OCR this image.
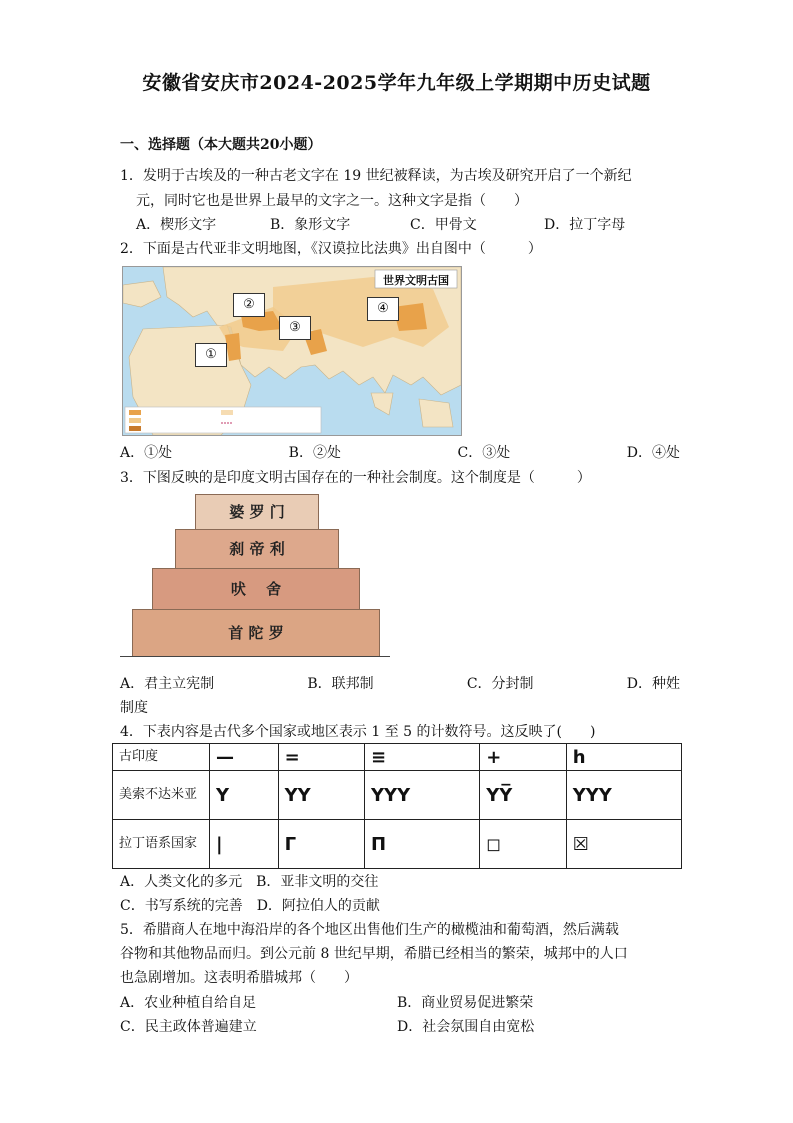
安徽省安庆市2024-2025学年九年级上学期期中历史试题
一、选择题（本大题共20小题）
1．发明于古埃及的一种古老文字在 19 世纪被释读，为古埃及研究开启了一个新纪
元，同时它也是世界上最早的文字之一。这种文字是指（　　）
A．楔形文字	B．象形文字	C．甲骨文	D．拉丁字母
2．下面是古代亚非文明地图，《汉谟拉比法典》出自图中（　　　）
世界文明古国
②
③
④
①
A．①处	B．②处	C．③处	D．④处
3．下图反映的是印度文明古国存在的一种社会制度。这个制度是（　　　）
婆 罗 门
刹 帝 利
吠　 舍
首 陀 罗
A．君主立宪制	B．联邦制	C．分封制	D．种姓
制度
4．下表内容是古代多个国家或地区表示 1 至 5 的计数符号。这反映了(　　)
古印度	—	=	≡	+	h
美索不达米亚	Y	YY	YYY	YY̅	YYY
拉丁语系国家	|	Γ	Π	◻	☒
A．人类文化的多元　B．亚非文明的交往
C．书写系统的完善　D．阿拉伯人的贡献
5．希腊商人在地中海沿岸的各个地区出售他们生产的橄榄油和葡萄酒，然后满载
谷物和其他物品而归。到公元前 8 世纪早期，希腊已经相当的繁荣，城邦中的人口
也急剧增加。这表明希腊城邦（　　）
A．农业种植自给自足	B．商业贸易促进繁荣
C．民主政体普遍建立	D．社会氛围自由宽松
